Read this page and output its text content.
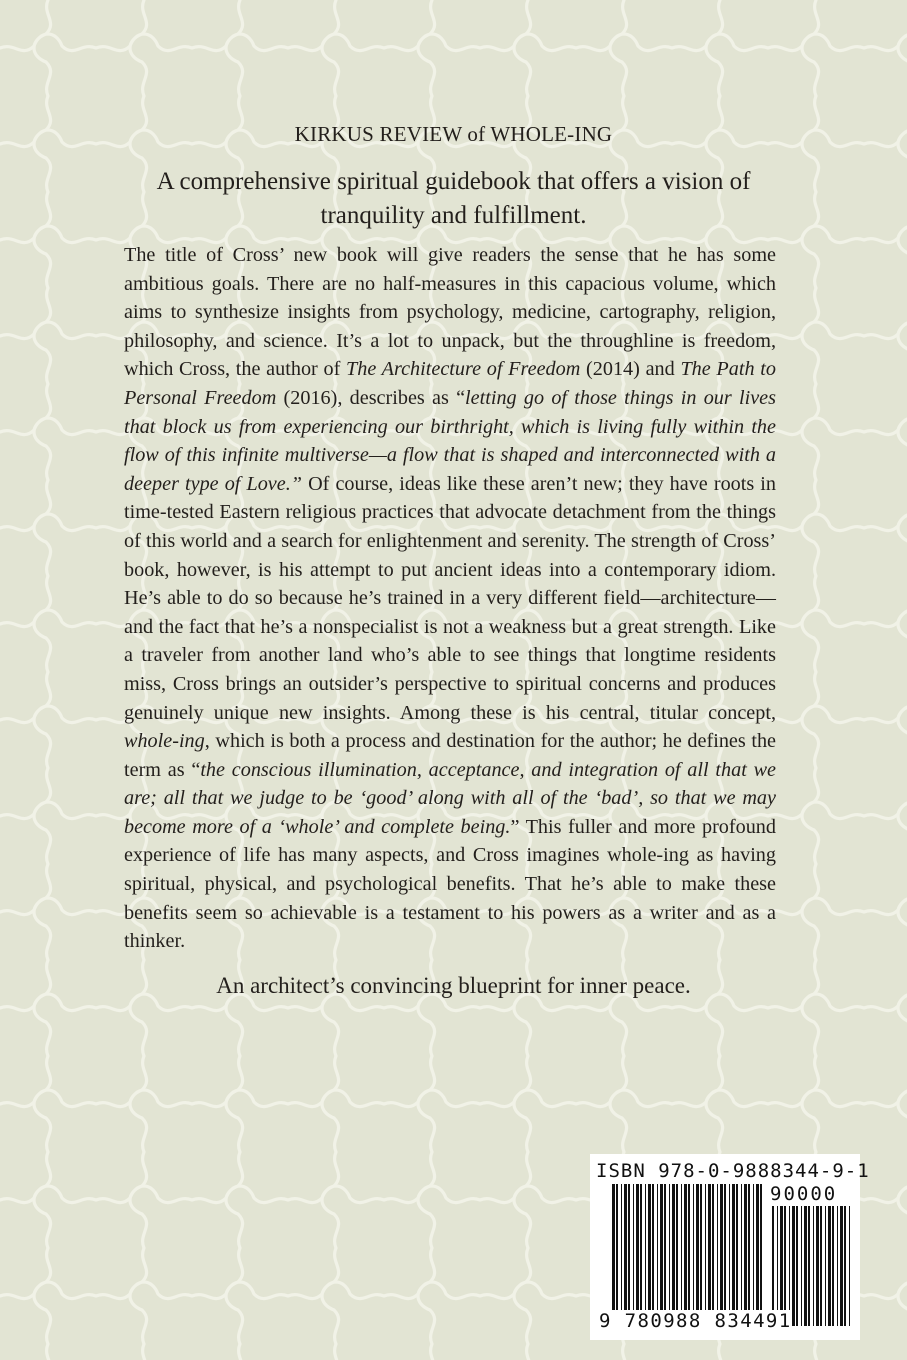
KIRKUS REVIEW of WHOLE-ING
A comprehensive spiritual guidebook that offers a vision of tranquility and fulfillment.
The title of Cross’ new book will give readers the sense that he has some ambitious goals. There are no half-measures in this capacious volume, which aims to synthesize insights from psychology, medicine, cartography, religion, philosophy, and science. It’s a lot to unpack, but the throughline is freedom, which Cross, the author of The Architecture of Freedom (2014) and The Path to Personal Freedom (2016), describes as “letting go of those things in our lives that block us from experiencing our birthright, which is living fully within the flow of this infinite multiverse—a flow that is shaped and interconnected with a deeper type of Love.” Of course, ideas like these aren’t new; they have roots in time-tested Eastern religious practices that advocate detachment from the things of this world and a search for enlightenment and serenity. The strength of Cross’ book, however, is his attempt to put ancient ideas into a contemporary idiom. He’s able to do so because he’s trained in a very different field—architecture—and the fact that he’s a nonspecialist is not a weakness but a great strength. Like a traveler from another land who’s able to see things that longtime residents miss, Cross brings an outsider’s perspective to spiritual concerns and produces genuinely unique new insights. Among these is his central, titular concept, whole-ing, which is both a process and destination for the author; he defines the term as “the conscious illumination, acceptance, and integration of all that we are; all that we judge to be ‘good’ along with all of the ‘bad’, so that we may become more of a ‘whole’ and complete being.” This fuller and more profound experience of life has many aspects, and Cross imagines whole-ing as having spiritual, physical, and psychological benefits. That he’s able to make these benefits seem so achievable is a testament to his powers as a writer and as a thinker.
An architect’s convincing blueprint for inner peace.
ISBN 978-0-9888344-9-1
90000
9 780988 834491
